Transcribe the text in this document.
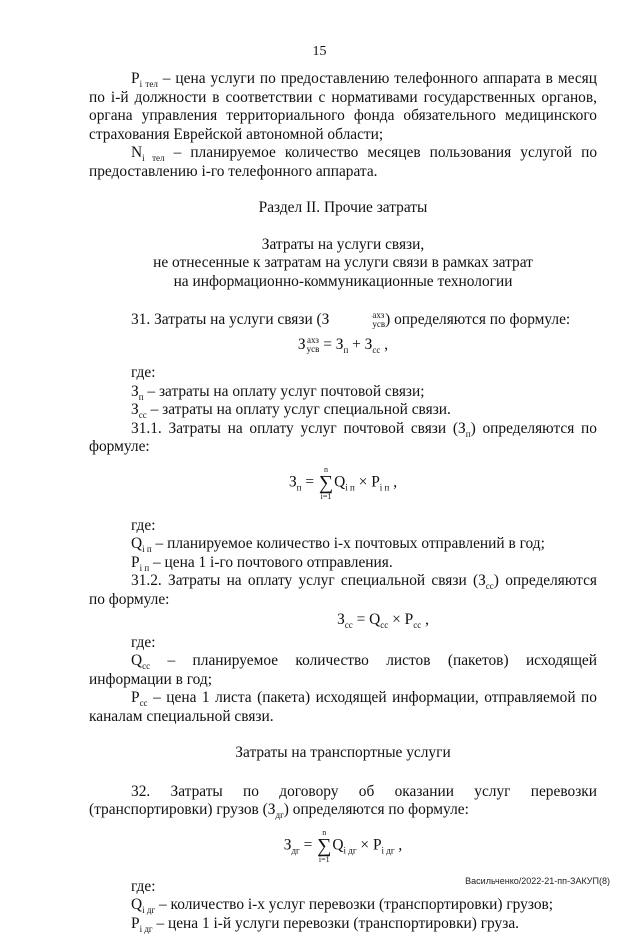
15

$P_{i тел}$ – цена услуги по предоставлению телефонного аппарата в месяц по i-й должности в соответствии с нормативами государственных органов, органа управления территориального фонда обязательного медицинского страхования Еврейской автономной области;

$N_{i тел}$ – планируемое количество месяцев пользования услугой по предоставлению i-го телефонного аппарата.

Раздел II. Прочие затраты

Затраты на услуги связи,

не отнесенные к затратам на услуги связи в рамках затрат

на информационно-коммуникационные технологии

31. Затраты на услуги связи (З	ахз
усв ) определяются по формуле:

З ахз
усв = $З_п + З_{сс}$ ,

где:

$З_п$ – затраты на оплату услуг почтовой связи;

$З_{сс}$ – затраты на оплату услуг специальной связи.

31.1. Затраты на оплату услуг почтовой связи $(З_п)$ определяются по формуле:

$З_п = n$
∑
$i=1Q_{i п} \times P_{i п}$ ,

где:

$Q_{i п}$ – планируемое количество i-х почтовых отправлений в год;

$P_{i п}$ – цена 1 i-го почтового отправления.

31.2. Затраты на оплату услуг специальной связи $(З_{сс})$ определяются по формуле:

$З_{сс} = Q_{сс} \times P_{сс}$ ,

где:

$Q_{сс}$ – планируемое количество листов (пакетов) исходящей информации в год;

$P_{сс}$ – цена 1 листа (пакета) исходящей информации, отправляемой по каналам специальной связи.

Затраты на транспортные услуги

32. Затраты по договору об оказании услуг перевозки (транспортировки) грузов $(З_{дг})$ определяются по формуле:

$З_{дг} = n$
∑
$i=1Q_{i дг} \times P_{i дг}$ ,

где:

$Q_{i дг}$ – количество i-х услуг перевозки (транспортировки) грузов;

$P_{i дг}$ – цена 1 i-й услуги перевозки (транспортировки) груза.

Васильченко/2022-21-пп-ЗАКУП(8)
